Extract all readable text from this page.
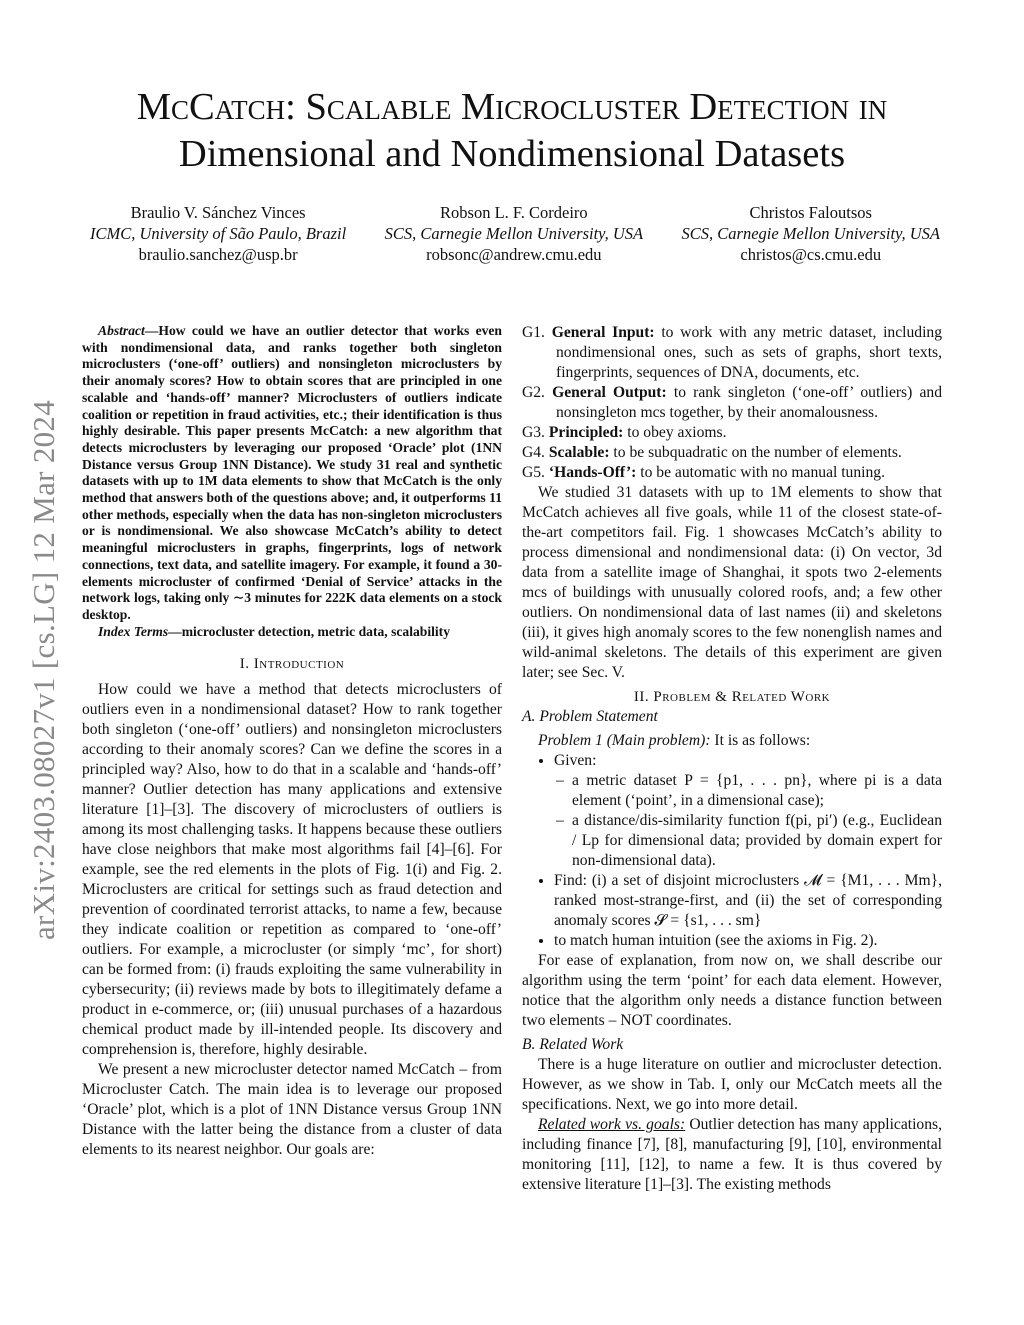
McCatch: Scalable Microcluster Detection in
Dimensional and Nondimensional Datasets
Braulio V. Sánchez Vinces
ICMC, University of São Paulo, Brazil
braulio.sanchez@usp.br
Robson L. F. Cordeiro
SCS, Carnegie Mellon University, USA
robsonc@andrew.cmu.edu
Christos Faloutsos
SCS, Carnegie Mellon University, USA
christos@cs.cmu.edu
arXiv:2403.08027v1 [cs.LG] 12 Mar 2024

Abstract—How could we have an outlier detector that works even with nondimensional data, and ranks together both singleton microclusters (‘one-off’ outliers) and nonsingleton microclusters by their anomaly scores? How to obtain scores that are principled in one scalable and ‘hands-off’ manner? Microclusters of outliers indicate coalition or repetition in fraud activities, etc.; their identification is thus highly desirable. This paper presents McCatch: a new algorithm that detects microclusters by leveraging our proposed ‘Oracle’ plot (1NN Distance versus Group 1NN Distance). We study 31 real and synthetic datasets with up to 1M data elements to show that McCatch is the only method that answers both of the questions above; and, it outperforms 11 other methods, especially when the data has non-singleton microclusters or is nondimensional. We also showcase McCatch’s ability to detect meaningful microclusters in graphs, fingerprints, logs of network connections, text data, and satellite imagery. For example, it found a 30-elements microcluster of confirmed ‘Denial of Service’ attacks in the network logs, taking only ∼3 minutes for 222K data elements on a stock desktop.

Index Terms—microcluster detection, metric data, scalability

I. Introduction

How could we have a method that detects microclusters of outliers even in a nondimensional dataset? How to rank together both singleton (‘one-off’ outliers) and nonsingleton microclusters according to their anomaly scores? Can we define the scores in a principled way? Also, how to do that in a scalable and ‘hands-off’ manner? Outlier detection has many applications and extensive literature [1]–[3]. The discovery of microclusters of outliers is among its most challenging tasks. It happens because these outliers have close neighbors that make most algorithms fail [4]–[6]. For example, see the red elements in the plots of Fig. 1(i) and Fig. 2. Microclusters are critical for settings such as fraud detection and prevention of coordinated terrorist attacks, to name a few, because they indicate coalition or repetition as compared to ‘one-off’ outliers. For example, a microcluster (or simply ‘mc’, for short) can be formed from: (i) frauds exploiting the same vulnerability in cybersecurity; (ii) reviews made by bots to illegitimately defame a product in e-commerce, or; (iii) unusual purchases of a hazardous chemical product made by ill-intended people. Its discovery and comprehension is, therefore, highly desirable.

We present a new microcluster detector named McCatch – from Microcluster Catch. The main idea is to leverage our proposed ‘Oracle’ plot, which is a plot of 1NN Distance versus Group 1NN Distance with the latter being the distance from a cluster of data elements to its nearest neighbor. Our goals are:

G1. General Input: to work with any metric dataset, including nondimensional ones, such as sets of graphs, short texts, fingerprints, sequences of DNA, documents, etc.
G2. General Output: to rank singleton (‘one-off’ outliers) and nonsingleton mcs together, by their anomalousness.
G3. Principled: to obey axioms.
G4. Scalable: to be subquadratic on the number of elements.
G5. ‘Hands-Off’: to be automatic with no manual tuning.

We studied 31 datasets with up to 1M elements to show that McCatch achieves all five goals, while 11 of the closest state-of-the-art competitors fail. Fig. 1 showcases McCatch’s ability to process dimensional and nondimensional data: (i) On vector, 3d data from a satellite image of Shanghai, it spots two 2-elements mcs of buildings with unusually colored roofs, and; a few other outliers. On nondimensional data of last names (ii) and skeletons (iii), it gives high anomaly scores to the few nonenglish names and wild-animal skeletons. The details of this experiment are given later; see Sec. V.

II. Problem & Related Work
A. Problem Statement

Problem 1 (Main problem): It is as follows:

• Given:
– a metric dataset P = {p1, . . . pn}, where pi is a data element (‘point’, in a dimensional case);
– a distance/dis-similarity function f(pi, pi′) (e.g., Euclidean / Lp for dimensional data; provided by domain expert for non-dimensional data).
• Find: (i) a set of disjoint microclusters 𝓜 = {M1, . . . Mm}, ranked most-strange-first, and (ii) the set of corresponding anomaly scores 𝓢 = {s1, . . . sm}
• to match human intuition (see the axioms in Fig. 2).

For ease of explanation, from now on, we shall describe our algorithm using the term ‘point’ for each data element. However, notice that the algorithm only needs a distance function between two elements – NOT coordinates.

B. Related Work

There is a huge literature on outlier and microcluster detection. However, as we show in Tab. I, only our McCatch meets all the specifications. Next, we go into more detail.

Related work vs. goals: Outlier detection has many applications, including finance [7], [8], manufacturing [9], [10], environmental monitoring [11], [12], to name a few. It is thus covered by extensive literature [1]–[3]. The existing methods
